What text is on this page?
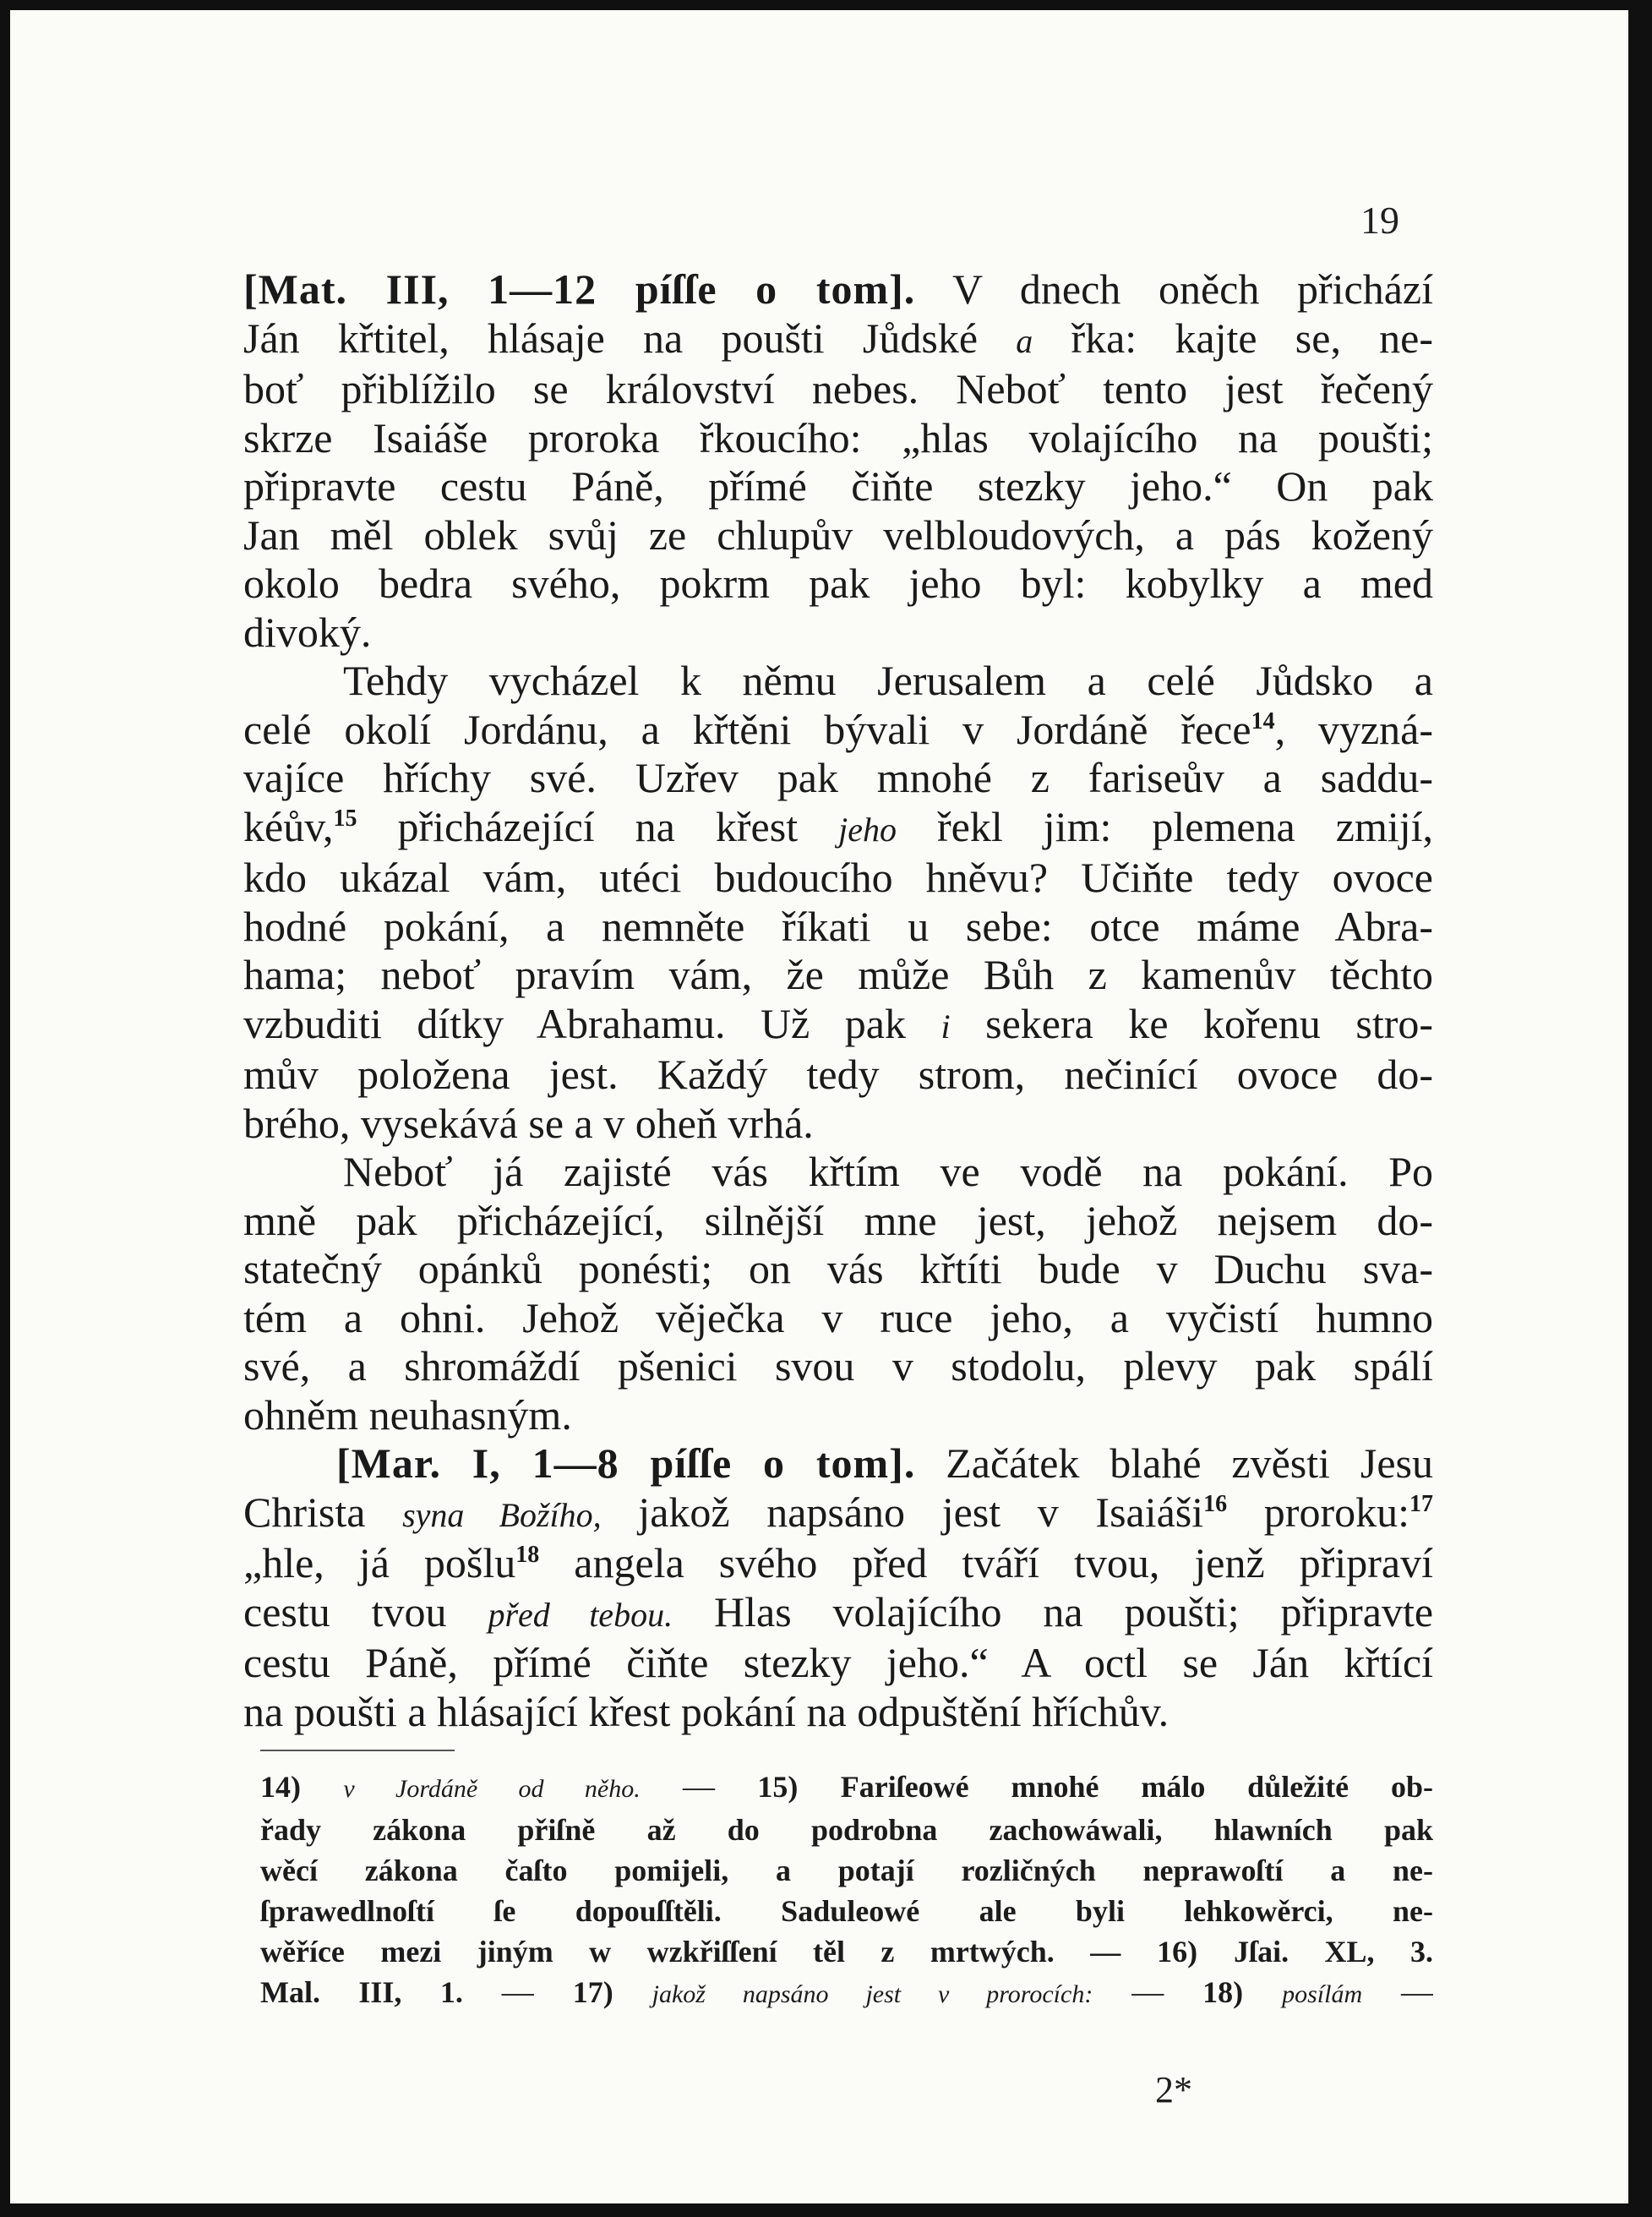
19
[Mat. III, 1—12 píſſe o tom]. V dnech oněch přichází
Ján křtitel, hlásaje na poušti Jůdské a řka: kajte se, ne-
boť přiblížilo se království nebes. Neboť tento jest řečený
skrze Isaiáše proroka řkoucího: „hlas volajícího na poušti;
připravte cestu Páně, přímé čiňte stezky jeho.“ On pak
Jan měl oblek svůj ze chlupův velbloudových, a pás kožený
okolo bedra svého, pokrm pak jeho byl: kobylky a med
divoký.
Tehdy vycházel k němu Jerusalem a celé Jůdsko a
celé okolí Jordánu, a křtěni bývali v Jordáně řece$^{14}$, vyzná-
vajíce hříchy své. Uzřev pak mnohé z fariseův a saddu-
kéův,$^{15}$ přicházející na křest jeho řekl jim: plemena zmijí,
kdo ukázal vám, utéci budoucího hněvu? Učiňte tedy ovoce
hodné pokání, a nemněte říkati u sebe: otce máme Abra-
hama; neboť pravím vám, že může Bůh z kamenův těchto
vzbuditi dítky Abrahamu. Už pak i sekera ke kořenu stro-
mův položena jest. Každý tedy strom, nečinící ovoce do-
brého, vysekává se a v oheň vrhá.
Neboť já zajisté vás křtím ve vodě na pokání. Po
mně pak přicházející, silnější mne jest, jehož nejsem do-
statečný opánků ponésti; on vás křtíti bude v Duchu sva-
tém a ohni. Jehož věječka v ruce jeho, a vyčistí humno
své, a shromáždí pšenici svou v stodolu, plevy pak spálí
ohněm neuhasným.
[Mar. I, 1—8 píſſe o tom]. Začátek blahé zvěsti Jesu
Christa syna Božího, jakož napsáno jest v Isaiáši$^{16}$ proroku:$^{17}$
„hle, já pošlu$^{18}$ angela svého před tváří tvou, jenž připraví
cestu tvou před tebou. Hlas volajícího na poušti; připravte
cestu Páně, přímé čiňte stezky jeho.“ A octl se Ján křtící
na poušti a hlásající křest pokání na odpuštění hříchův.
14) v Jordáně od něho. — 15) Fariſeowé mnohé málo důležité ob-
řady zákona přiſně až do podrobna zachowáwali, hlawních pak
wěcí zákona čaſto pomijeli, a potají rozličných neprawoſtí a ne-
ſprawedlnoſtí ſe dopouſſtěli. Saduleowé ale byli lehkowěrci, ne-
wěříce mezi jiným w wzkřiſſení těl z mrtwých. — 16) Jſai. XL, 3.
Mal. III, 1. — 17) jakož napsáno jest v prorocích: — 18) posílám —
2*
